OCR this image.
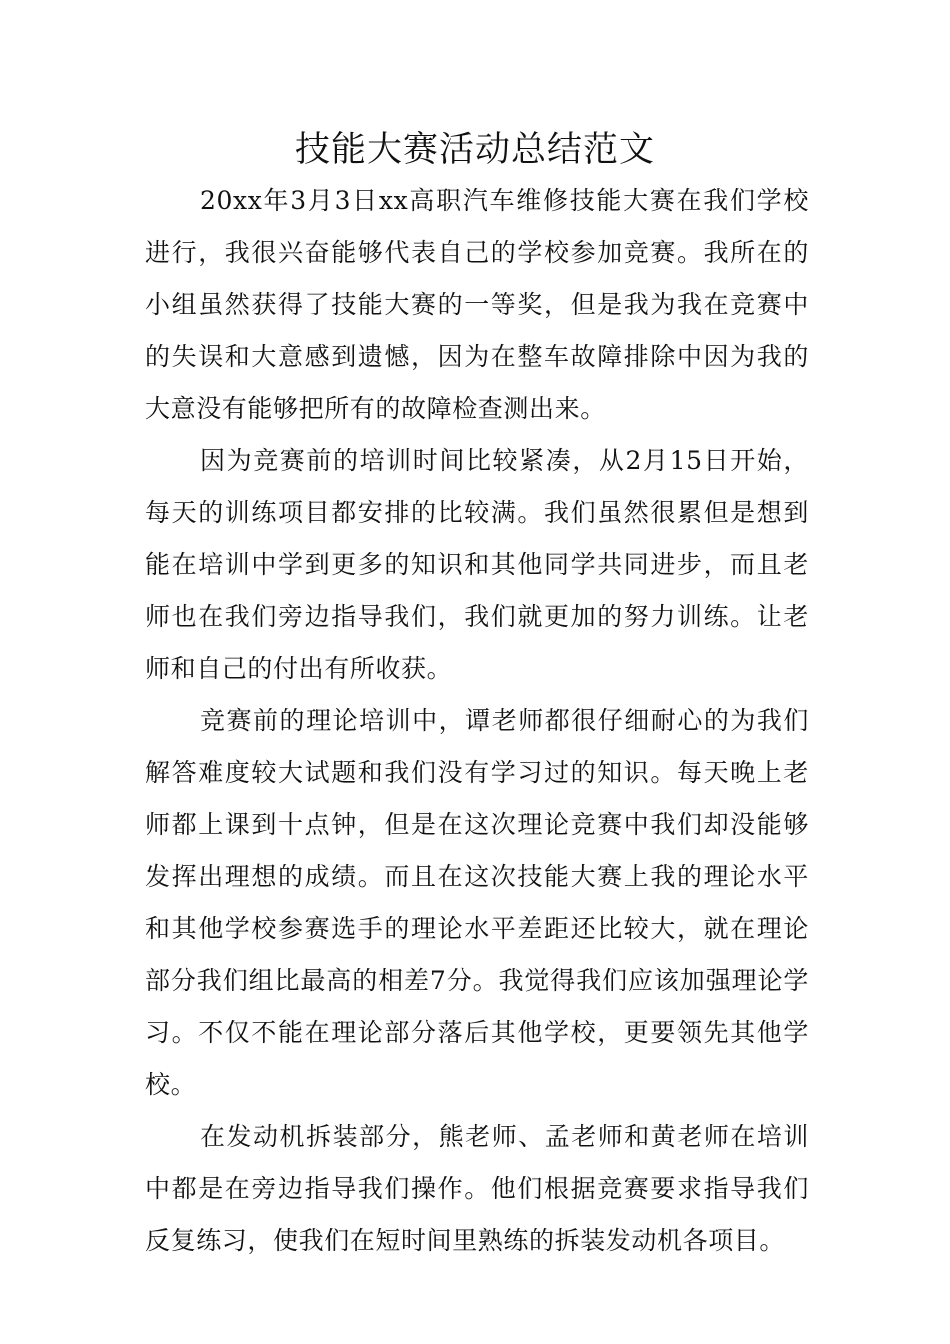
技能大赛活动总结范文

20xx年3月3日xx高职汽车维修技能大赛在我们学校进行，我很兴奋能够代表自己的学校参加竞赛。我所在的小组虽然获得了技能大赛的一等奖，但是我为我在竞赛中的失误和大意感到遗憾，因为在整车故障排除中因为我的大意没有能够把所有的故障检查测出来。

因为竞赛前的培训时间比较紧凑，从2月15日开始，每天的训练项目都安排的比较满。我们虽然很累但是想到能在培训中学到更多的知识和其他同学共同进步，而且老师也在我们旁边指导我们，我们就更加的努力训练。让老师和自己的付出有所收获。

竞赛前的理论培训中，谭老师都很仔细耐心的为我们解答难度较大试题和我们没有学习过的知识。每天晚上老师都上课到十点钟，但是在这次理论竞赛中我们却没能够发挥出理想的成绩。而且在这次技能大赛上我的理论水平和其他学校参赛选手的理论水平差距还比较大，就在理论部分我们组比最高的相差7分。我觉得我们应该加强理论学习。不仅不能在理论部分落后其他学校，更要领先其他学校。

在发动机拆装部分，熊老师、孟老师和黄老师在培训中都是在旁边指导我们操作。他们根据竞赛要求指导我们反复练习，使我们在短时间里熟练的拆装发动机各项目。
